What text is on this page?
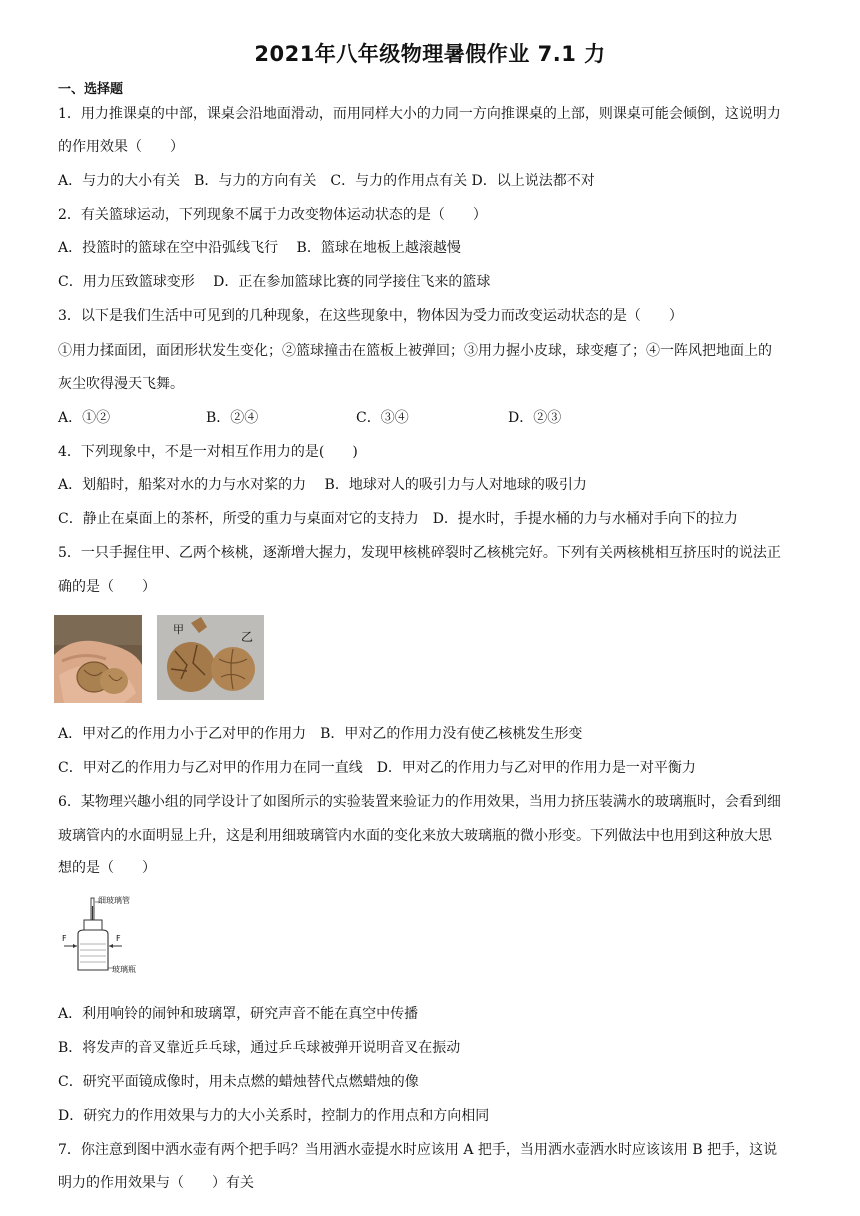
2021年八年级物理暑假作业 7.1 力
一、选择题
1．用力推课桌的中部，课桌会沿地面滑动，而用同样大小的力同一方向推课桌的上部，则课桌可能会倾倒，这说明力
的作用效果（　　）
A．与力的大小有关　B．与力的方向有关　C．与力的作用点有关 D．以上说法都不对
2．有关篮球运动，下列现象不属于力改变物体运动状态的是（　　）
A．投篮时的篮球在空中沿弧线飞行　 B．篮球在地板上越滚越慢
C．用力压致篮球变形　 D．正在参加篮球比赛的同学接住飞来的篮球
3．以下是我们生活中可见到的几种现象，在这些现象中，物体因为受力而改变运动状态的是（　　）
①用力揉面团，面团形状发生变化；②篮球撞击在篮板上被弹回；③用力握小皮球，球变瘪了；④一阵风把地面上的
灰尘吹得漫天飞舞。
A．①②	B．②④	C．③④	D．②③
4．下列现象中，不是一对相互作用力的是(　　)
A．划船时，船桨对水的力与水对桨的力　 B．地球对人的吸引力与人对地球的吸引力
C．静止在桌面上的茶杯，所受的重力与桌面对它的支持力　D．提水时，手提水桶的力与水桶对手向下的拉力
5．一只手握住甲、乙两个核桃，逐渐增大握力，发现甲核桃碎裂时乙核桃完好。下列有关两核桃相互挤压时的说法正
确的是（　　）
甲
乙
A．甲对乙的作用力小于乙对甲的作用力　B．甲对乙的作用力没有使乙核桃发生形变
C．甲对乙的作用力与乙对甲的作用力在同一直线　D．甲对乙的作用力与乙对甲的作用力是一对平衡力
6．某物理兴趣小组的同学设计了如图所示的实验装置来验证力的作用效果，当用力挤压装满水的玻璃瓶时，会看到细
玻璃管内的水面明显上升，这是利用细玻璃管内水面的变化来放大玻璃瓶的微小形变。下列做法中也用到这种放大思
想的是（　　）
细玻璃管
F	F
玻璃瓶
A．利用响铃的闹钟和玻璃罩，研究声音不能在真空中传播
B．将发声的音叉靠近乒乓球，通过乒乓球被弹开说明音叉在振动
C．研究平面镜成像时，用未点燃的蜡烛替代点燃蜡烛的像
D．研究力的作用效果与力的大小关系时，控制力的作用点和方向相同
7．你注意到图中洒水壶有两个把手吗？当用洒水壶提水时应该用 A 把手，当用洒水壶洒水时应该该用 B 把手，这说
明力的作用效果与（　　）有关
